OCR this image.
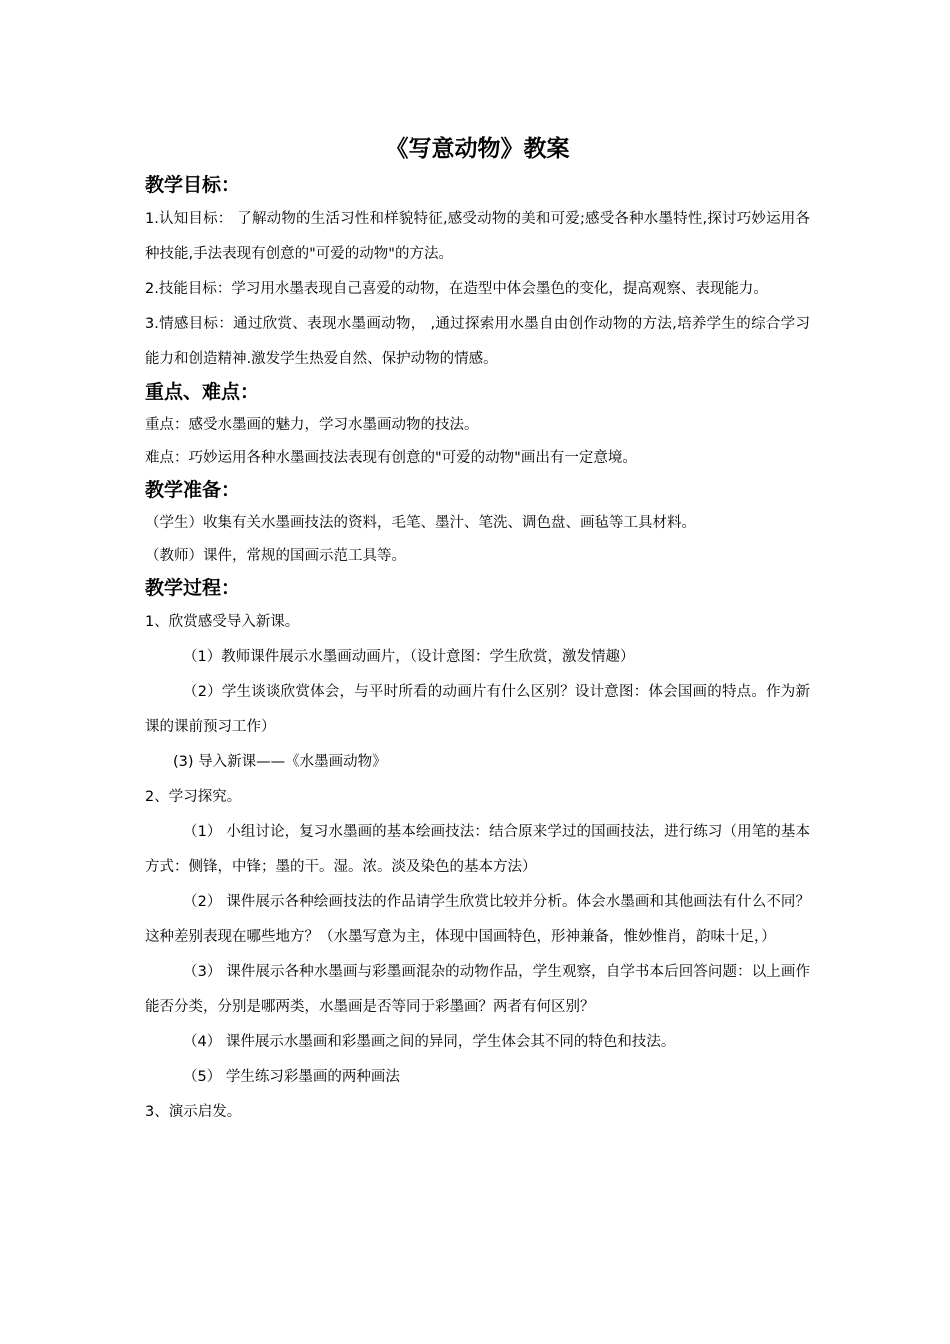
《写意动物》教案
教学目标：

1.认知目标： 了解动物的生活习性和样貌特征,感受动物的美和可爱;感受各种水墨特性,探讨巧妙运用各种技能,手法表现有创意的"可爱的动物"的方法。

2.技能目标：学习用水墨表现自己喜爱的动物，在造型中体会墨色的变化，提高观察、表现能力。

3.情感目标：通过欣赏、表现水墨画动物， ,通过探索用水墨自由创作动物的方法,培养学生的综合学习能力和创造精神.激发学生热爱自然、保护动物的情感。

重点、难点：

重点：感受水墨画的魅力，学习水墨画动物的技法。

难点：巧妙运用各种水墨画技法表现有创意的"可爱的动物"画出有一定意境。

教学准备：

（学生）收集有关水墨画技法的资料，毛笔、墨汁、笔洗、调色盘、画毡等工具材料。

（教师）课件，常规的国画示范工具等。

教学过程：

1、欣赏感受导入新课。

（1）教师课件展示水墨画动画片，（设计意图：学生欣赏，激发情趣）

（2）学生谈谈欣赏体会，与平时所看的动画片有什么区别？设计意图：体会国画的特点。作为新课的课前预习工作）

(3) 导入新课——《水墨画动物》

2、学习探究。

（1） 小组讨论，复习水墨画的基本绘画技法：结合原来学过的国画技法，进行练习（用笔的基本方式：侧锋，中锋；墨的干。湿。浓。淡及染色的基本方法）

（2） 课件展示各种绘画技法的作品请学生欣赏比较并分析。体会水墨画和其他画法有什么不同？这种差别表现在哪些地方？（水墨写意为主，体现中国画特色，形神兼备，惟妙惟肖，韵味十足，）

（3） 课件展示各种水墨画与彩墨画混杂的动物作品，学生观察，自学书本后回答问题：以上画作能否分类，分别是哪两类，水墨画是否等同于彩墨画？两者有何区别？

（4） 课件展示水墨画和彩墨画之间的异同，学生体会其不同的特色和技法。

（5） 学生练习彩墨画的两种画法

3、演示启发。
